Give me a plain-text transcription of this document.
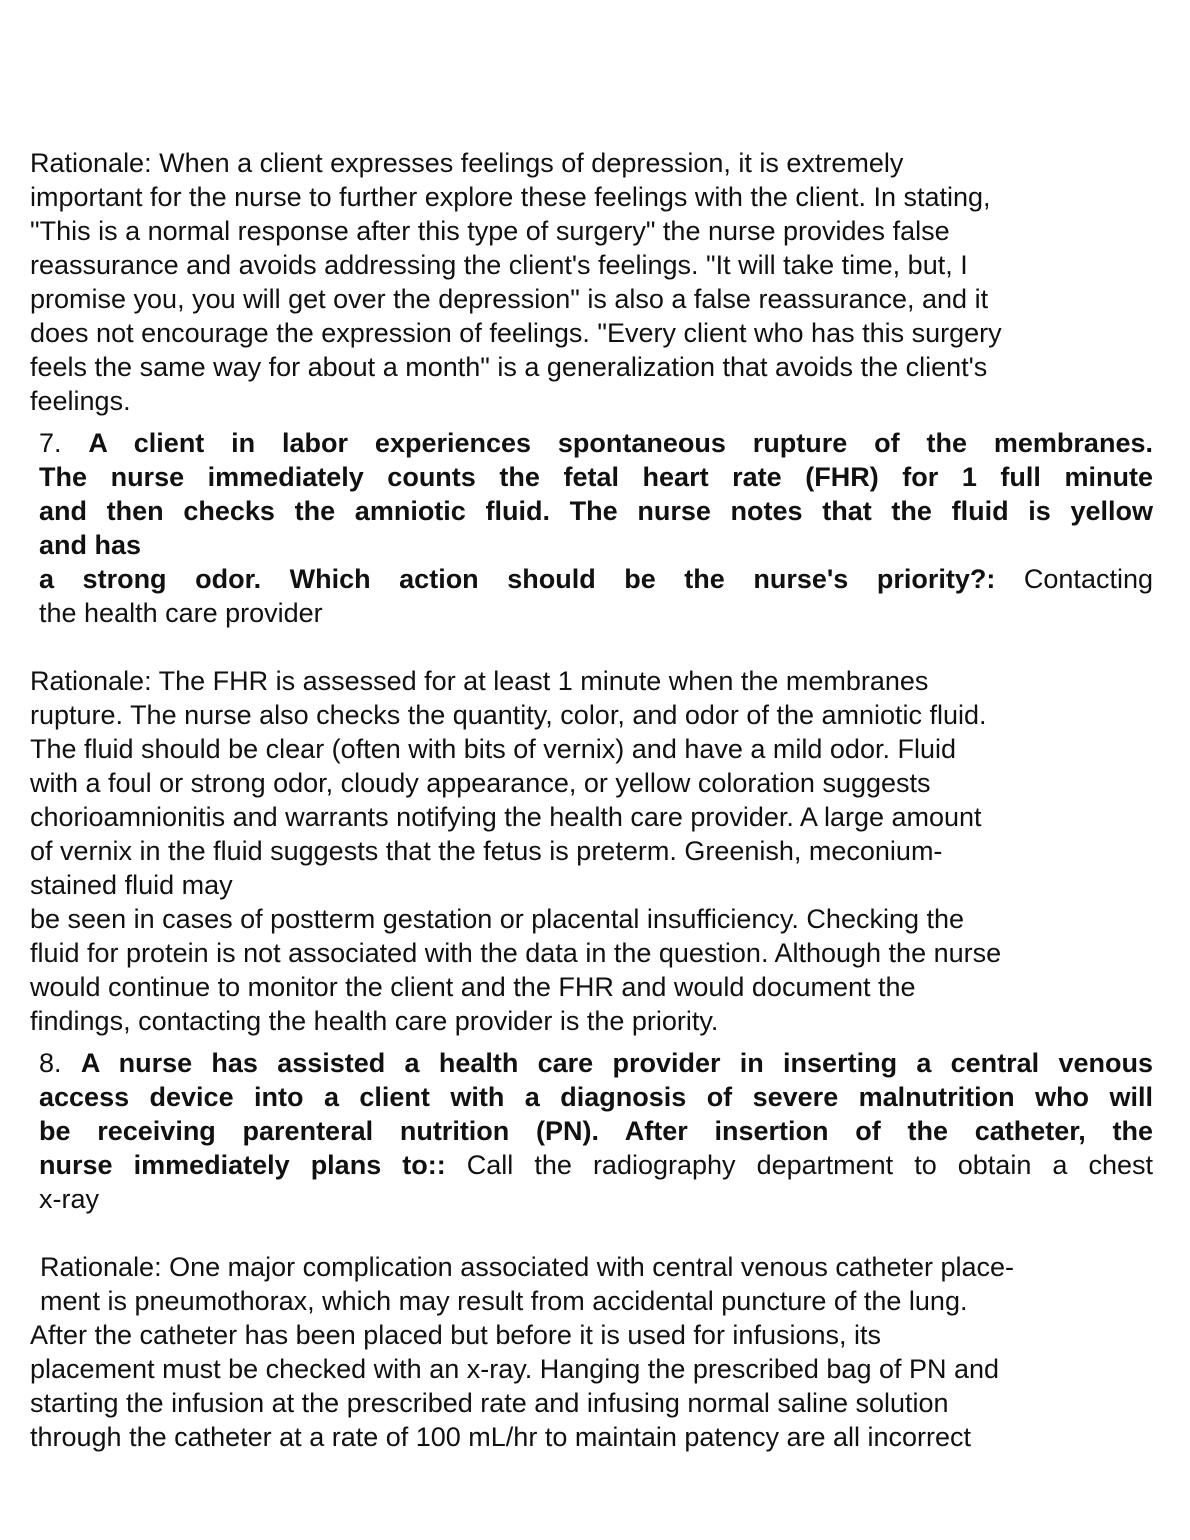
Rationale: When a client expresses feelings of depression, it is extremely
important for the nurse to further explore these feelings with the client. In stating,
"This is a normal response after this type of surgery" the nurse provides false
reassurance and avoids addressing the client's feelings. "It will take time, but, I
promise you, you will get over the depression" is also a false reassurance, and it
does not encourage the expression of feelings. "Every client who has this surgery
feels the same way for about a month" is a generalization that avoids the client's
feelings.
7. A client in labor experiences spontaneous rupture of the membranes.
The nurse immediately counts the fetal heart rate (FHR) for 1 full minute
and then checks the amniotic fluid. The nurse notes that the fluid is yellow
and has
a strong odor. Which action should be the nurse's priority?: Contacting
the health care provider
Rationale: The FHR is assessed for at least 1 minute when the membranes
rupture. The nurse also checks the quantity, color, and odor of the amniotic fluid.
The fluid should be clear (often with bits of vernix) and have a mild odor. Fluid
with a foul or strong odor, cloudy appearance, or yellow coloration suggests
chorioamnionitis and warrants notifying the health care provider. A large amount
of vernix in the fluid suggests that the fetus is preterm. Greenish, meconium-
stained fluid may
be seen in cases of postterm gestation or placental insufficiency. Checking the
fluid for protein is not associated with the data in the question. Although the nurse
would continue to monitor the client and the FHR and would document the
findings, contacting the health care provider is the priority.
8. A nurse has assisted a health care provider in inserting a central venous
access device into a client with a diagnosis of severe malnutrition who will
be receiving parenteral nutrition (PN). After insertion of the catheter, the
nurse immediately plans to:: Call the radiography department to obtain a chest
x-ray
Rationale: One major complication associated with central venous catheter place-
ment is pneumothorax, which may result from accidental puncture of the lung.
After the catheter has been placed but before it is used for infusions, its
placement must be checked with an x-ray. Hanging the prescribed bag of PN and
starting the infusion at the prescribed rate and infusing normal saline solution
through the catheter at a rate of 100 mL/hr to maintain patency are all incorrect
